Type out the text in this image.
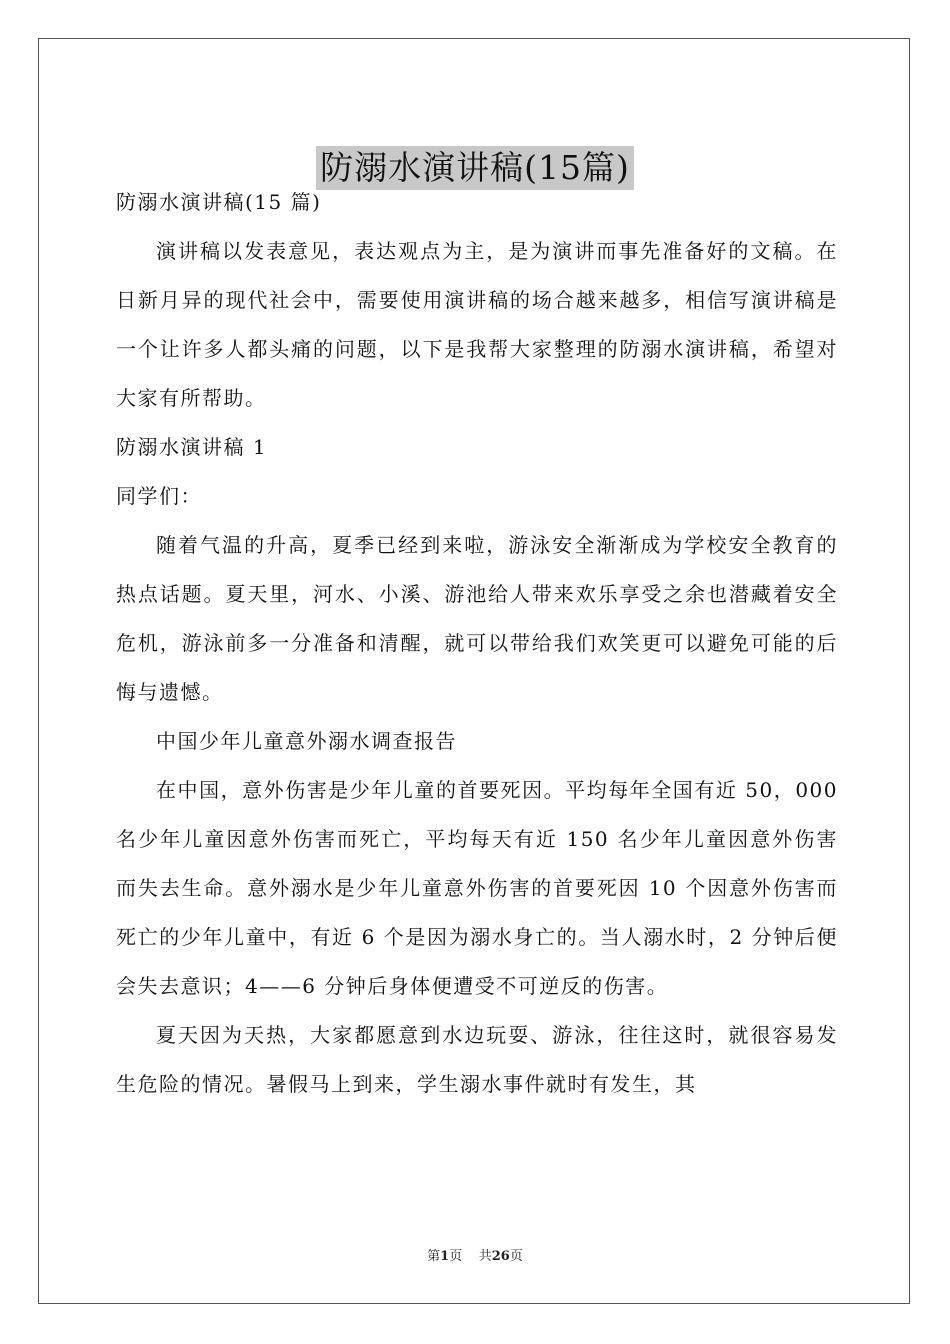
防溺水演讲稿(15篇)

防溺水演讲稿(15 篇)

演讲稿以发表意见，表达观点为主，是为演讲而事先准备好的文稿。在日新月异的现代社会中，需要使用演讲稿的场合越来越多，相信写演讲稿是一个让许多人都头痛的问题，以下是我帮大家整理的防溺水演讲稿，希望对大家有所帮助。

防溺水演讲稿 1

同学们：

随着气温的升高，夏季已经到来啦，游泳安全渐渐成为学校安全教育的热点话题。夏天里，河水、小溪、游池给人带来欢乐享受之余也潜藏着安全危机，游泳前多一分准备和清醒，就可以带给我们欢笑更可以避免可能的后悔与遗憾。

中国少年儿童意外溺水调查报告

在中国，意外伤害是少年儿童的首要死因。平均每年全国有近 50，000 名少年儿童因意外伤害而死亡，平均每天有近 150 名少年儿童因意外伤害而失去生命。意外溺水是少年儿童意外伤害的首要死因 10 个因意外伤害而死亡的少年儿童中，有近 6 个是因为溺水身亡的。当人溺水时，2 分钟后便会失去意识；4——6 分钟后身体便遭受不可逆反的伤害。

夏天因为天热，大家都愿意到水边玩耍、游泳，往往这时，就很容易发生危险的情况。暑假马上到来，学生溺水事件就时有发生，其

第1页 共26页
